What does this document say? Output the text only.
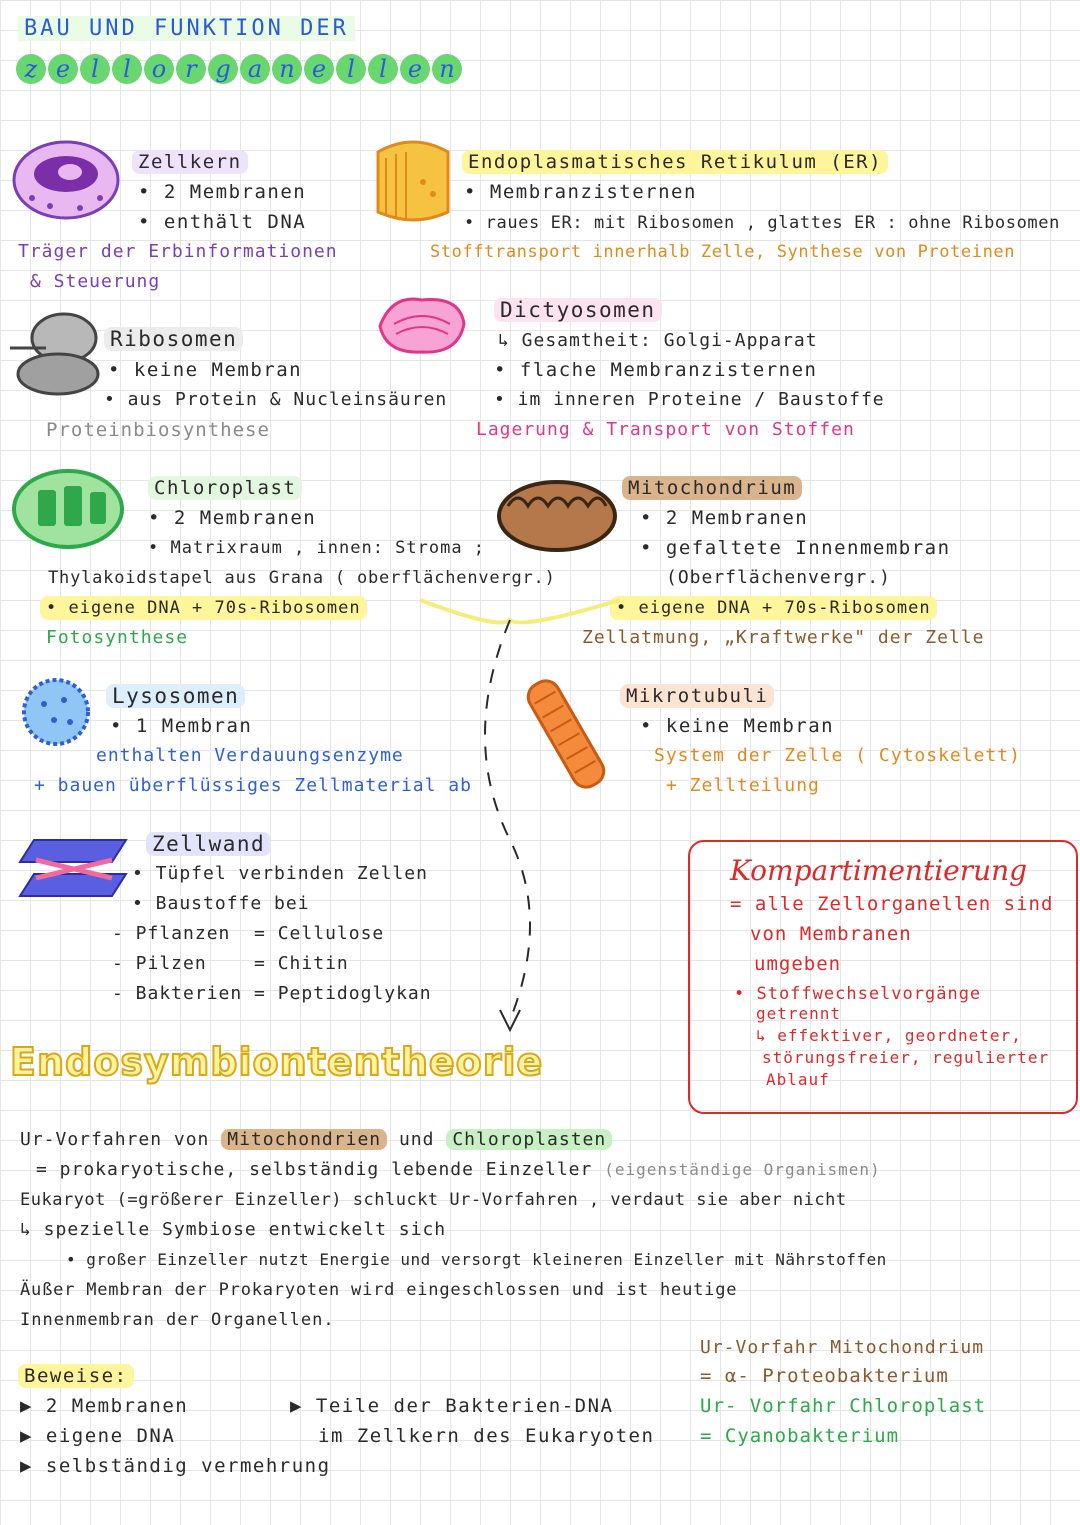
BAU UND FUNKTION DER
z e l l o r g a n e l l e n
Zellkern
• 2 Membranen
• enthält DNA
Träger der Erbinformationen
& Steuerung
Endoplasmatisches Retikulum (ER)
• Membranzisternen
• raues ER: mit Ribosomen , glattes ER : ohne Ribosomen
Stofftransport innerhalb Zelle, Synthese von Proteinen
Ribosomen
• keine Membran
• aus Protein & Nucleinsäuren
Proteinbiosynthese
Dictyosomen
↳ Gesamtheit: Golgi-Apparat
• flache Membranzisternen
• im inneren Proteine / Baustoffe
Lagerung & Transport von Stoffen
Chloroplast
• 2 Membranen
• Matrixraum , innen: Stroma ;
Thylakoidstapel aus Grana ( oberflächenvergr.)
• eigene DNA + 70s-Ribosomen
Fotosynthese
Mitochondrium
• 2 Membranen
• gefaltete Innenmembran
(Oberflächenvergr.)
• eigene DNA + 70s-Ribosomen
Zellatmung, „Kraftwerke" der Zelle
Lysosomen
• 1 Membran
enthalten Verdauungsenzyme
+ bauen überflüssiges Zellmaterial ab
Mikrotubuli
• keine Membran
System der Zelle ( Cytoskelett)
+ Zellteilung
Zellwand
• Tüpfel verbinden Zellen
• Baustoffe bei
- Pflanzen  = Cellulose
- Pilzen    = Chitin
- Bakterien = Peptidoglykan
Kompartimentierung
= alle Zellorganellen sind
von Membranen
umgeben
• Stoffwechselvorgänge
getrennt
↳ effektiver, geordneter,
störungsfreier, regulierter
Ablauf
Endosymbiontentheorie
Ur-Vorfahren von Mitochondrien und Chloroplasten
= prokaryotische, selbständig lebende Einzeller (eigenständige Organismen)
Eukaryot (=größerer Einzeller) schluckt Ur-Vorfahren , verdaut sie aber nicht
↳ spezielle Symbiose entwickelt sich
• großer Einzeller nutzt Energie und versorgt kleineren Einzeller mit Nährstoffen
Äußer Membran der Prokaryoten wird eingeschlossen und ist heutige
Innenmembran der Organellen.
Beweise:
▶ 2 Membranen
▶ eigene DNA
▶ selbständig vermehrung
▶ Teile der Bakterien-DNA
im Zellkern des Eukaryoten
Ur-Vorfahr Mitochondrium
= α- Proteobakterium
Ur- Vorfahr Chloroplast
= Cyanobakterium
